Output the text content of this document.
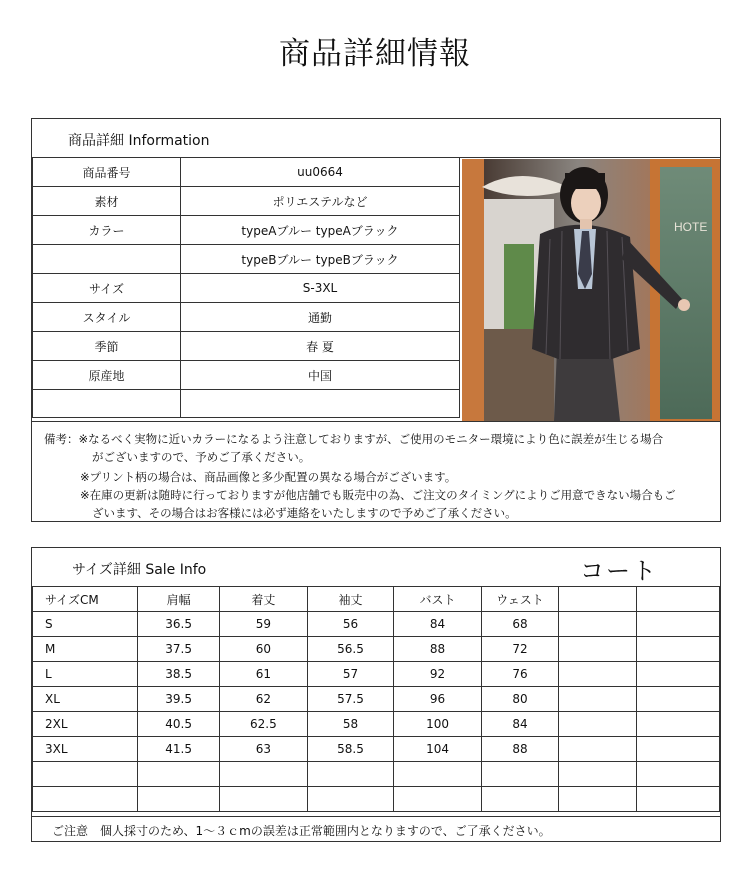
商品詳細情報
商品詳細 Information
商品番号	uu0664
素材	ポリエステルなど
カラー	typeAブルー typeAブラック
	typeBブルー typeBブラック
サイズ	S-3XL
スタイル	通勤
季節	春 夏
原産地	中国

HOTE

備考：※なるべく実物に近いカラーになるよう注意しておりますが、ご使用のモニター環境により色に誤差が生じる場合

がございますので、予めご了承ください。

※プリント柄の場合は、商品画像と多少配置の異なる場合がございます。

※在庫の更新は随時に行っておりますが他店舗でも販売中の為、ご注文のタイミングによりご用意できない場合もご

ざいます、その場合はお客様には必ず連絡をいたしますので予めご了承ください。

サイズ詳細 Sale Info	コート
サイズCM	肩幅	着丈	袖丈	バスト	ウェスト		
S	36.5	59	56	84	68		
M	37.5	60	56.5	88	72		
L	38.5	61	57	92	76		
XL	39.5	62	57.5	96	80		
2XL	40.5	62.5	58	100	84		
3XL	41.5	63	58.5	104	88		

ご注意　個人採寸のため、1～３ｃmの誤差は正常範囲内となりますので、ご了承ください。
